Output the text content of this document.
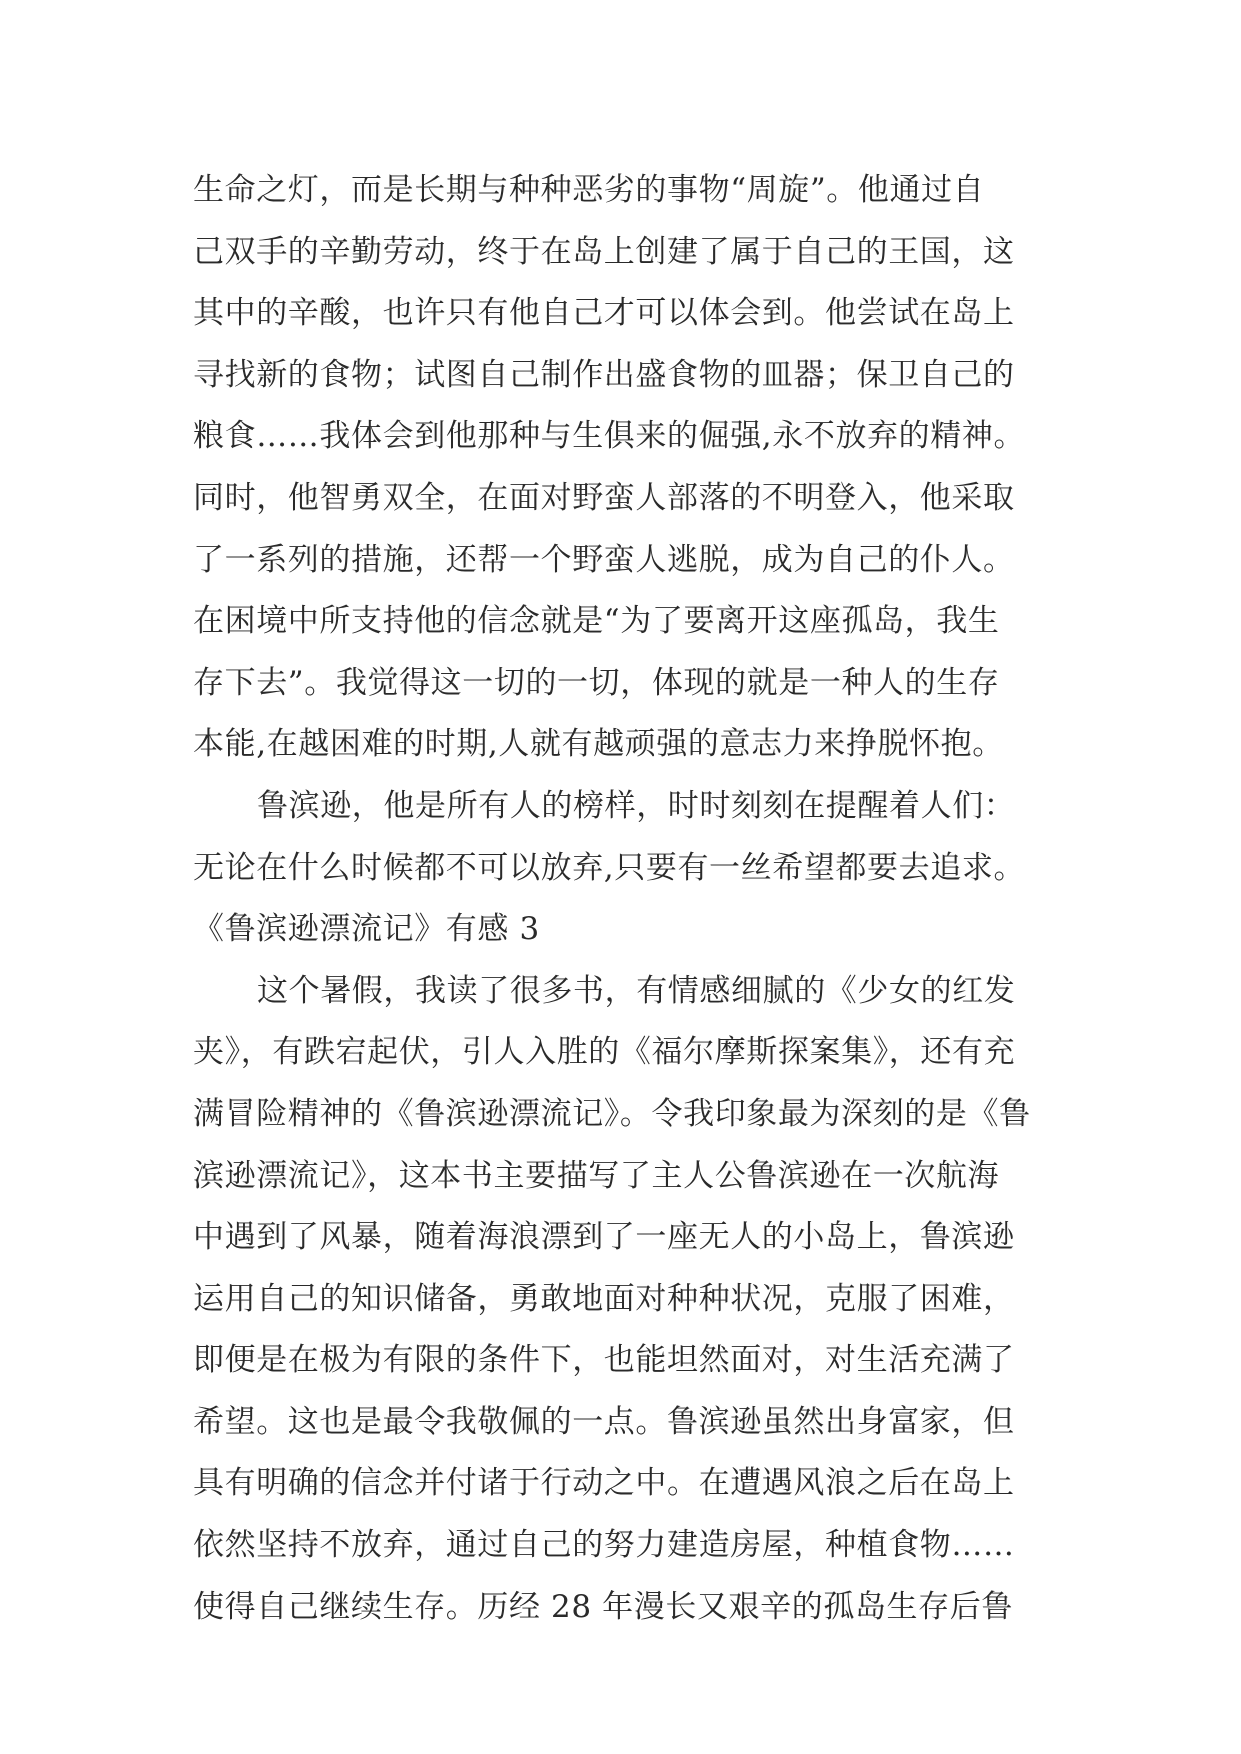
生命之灯，而是长期与种种恶劣的事物“周旋”。他通过自
己双手的辛勤劳动，终于在岛上创建了属于自己的王国，这
其中的辛酸，也许只有他自己才可以体会到。他尝试在岛上
寻找新的食物；试图自己制作出盛食物的皿器；保卫自己的
粮食……我体会到他那种与生俱来的倔强,永不放弃的精神。
同时，他智勇双全，在面对野蛮人部落的不明登入，他采取
了一系列的措施，还帮一个野蛮人逃脱，成为自己的仆人。
在困境中所支持他的信念就是“为了要离开这座孤岛，我生
存下去”。我觉得这一切的一切，体现的就是一种人的生存
本能,在越困难的时期,人就有越顽强的意志力来挣脱怀抱。
鲁滨逊，他是所有人的榜样，时时刻刻在提醒着人们：
无论在什么时候都不可以放弃,只要有一丝希望都要去追求。
《鲁滨逊漂流记》有感 3
这个暑假，我读了很多书，有情感细腻的《少女的红发
夹》，有跌宕起伏，引人入胜的《福尔摩斯探案集》，还有充
满冒险精神的《鲁滨逊漂流记》。令我印象最为深刻的是《鲁
滨逊漂流记》，这本书主要描写了主人公鲁滨逊在一次航海
中遇到了风暴，随着海浪漂到了一座无人的小岛上，鲁滨逊
运用自己的知识储备，勇敢地面对种种状况，克服了困难，
即便是在极为有限的条件下，也能坦然面对，对生活充满了
希望。这也是最令我敬佩的一点。鲁滨逊虽然出身富家，但
具有明确的信念并付诸于行动之中。在遭遇风浪之后在岛上
依然坚持不放弃，通过自己的努力建造房屋，种植食物……
使得自己继续生存。历经 28 年漫长又艰辛的孤岛生存后鲁
